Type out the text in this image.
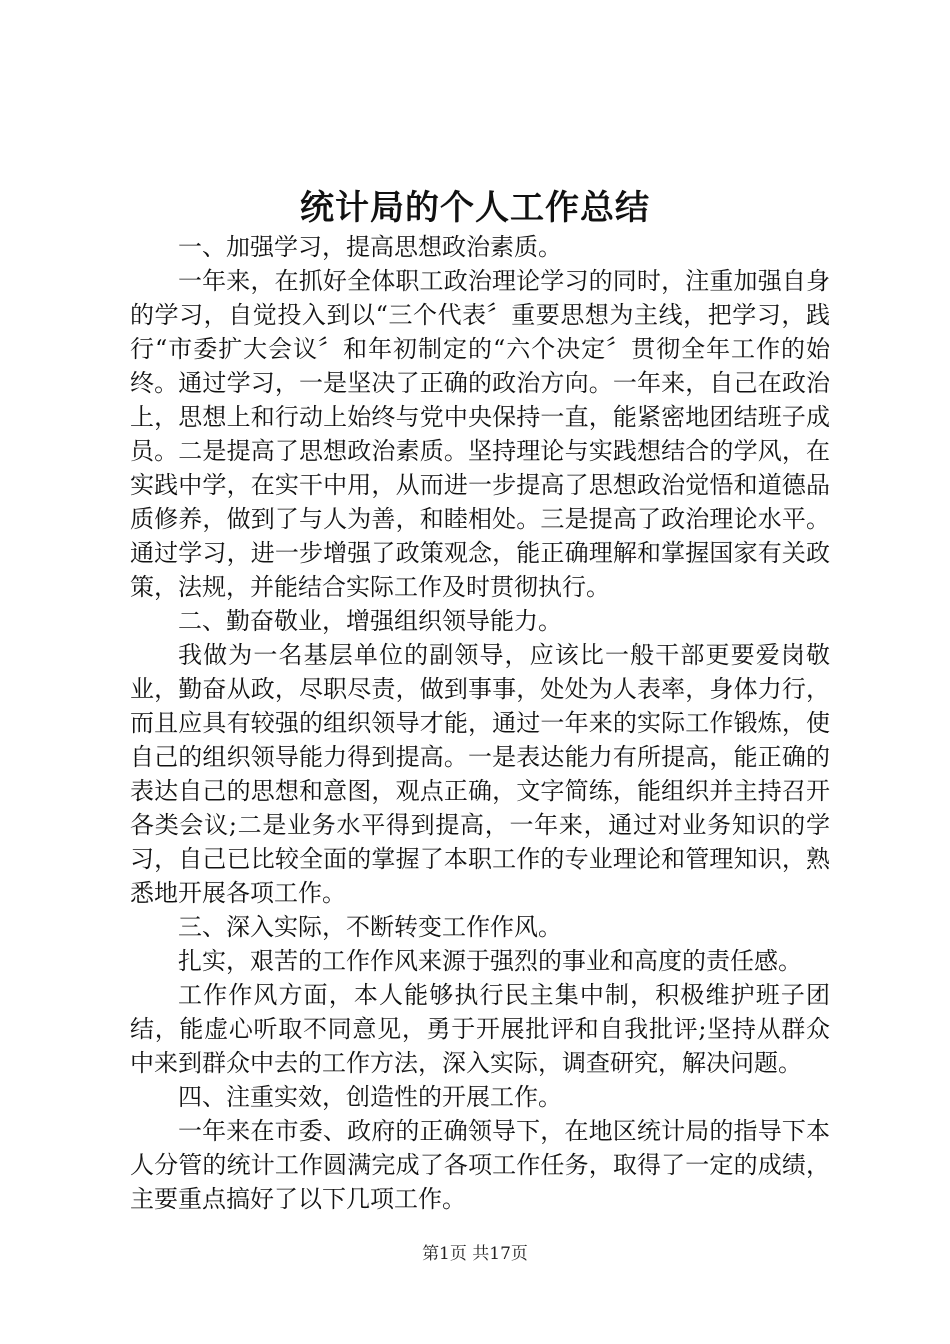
统计局的个人工作总结

一、加强学习，提高思想政治素质。

一年来，在抓好全体职工政治理论学习的同时，注重加强自身的学习，自觉投入到以“三个代表〞重要思想为主线，把学习，践行“市委扩大会议〞和年初制定的“六个决定〞贯彻全年工作的始终。通过学习，一是坚决了正确的政治方向。一年来，自己在政治上，思想上和行动上始终与党中央保持一直，能紧密地团结班子成员。二是提高了思想政治素质。坚持理论与实践想结合的学风，在实践中学，在实干中用，从而进一步提高了思想政治觉悟和道德品质修养，做到了与人为善，和睦相处。三是提高了政治理论水平。通过学习，进一步增强了政策观念，能正确理解和掌握国家有关政策，法规，并能结合实际工作及时贯彻执行。

二、勤奋敬业，增强组织领导能力。

我做为一名基层单位的副领导，应该比一般干部更要爱岗敬业，勤奋从政，尽职尽责，做到事事，处处为人表率，身体力行，而且应具有较强的组织领导才能，通过一年来的实际工作锻炼，使自己的组织领导能力得到提高。一是表达能力有所提高，能正确的表达自己的思想和意图，观点正确，文字简练，能组织并主持召开各类会议;二是业务水平得到提高，一年来，通过对业务知识的学习，自己已比较全面的掌握了本职工作的专业理论和管理知识，熟悉地开展各项工作。

三、深入实际，不断转变工作作风。

扎实，艰苦的工作作风来源于强烈的事业和高度的责任感。

工作作风方面，本人能够执行民主集中制，积极维护班子团结，能虚心听取不同意见，勇于开展批评和自我批评;坚持从群众中来到群众中去的工作方法，深入实际，调查研究，解决问题。

四、注重实效，创造性的开展工作。

一年来在市委、政府的正确领导下，在地区统计局的指导下本人分管的统计工作圆满完成了各项工作任务，取得了一定的成绩，主要重点搞好了以下几项工作。

第1页 共17页
